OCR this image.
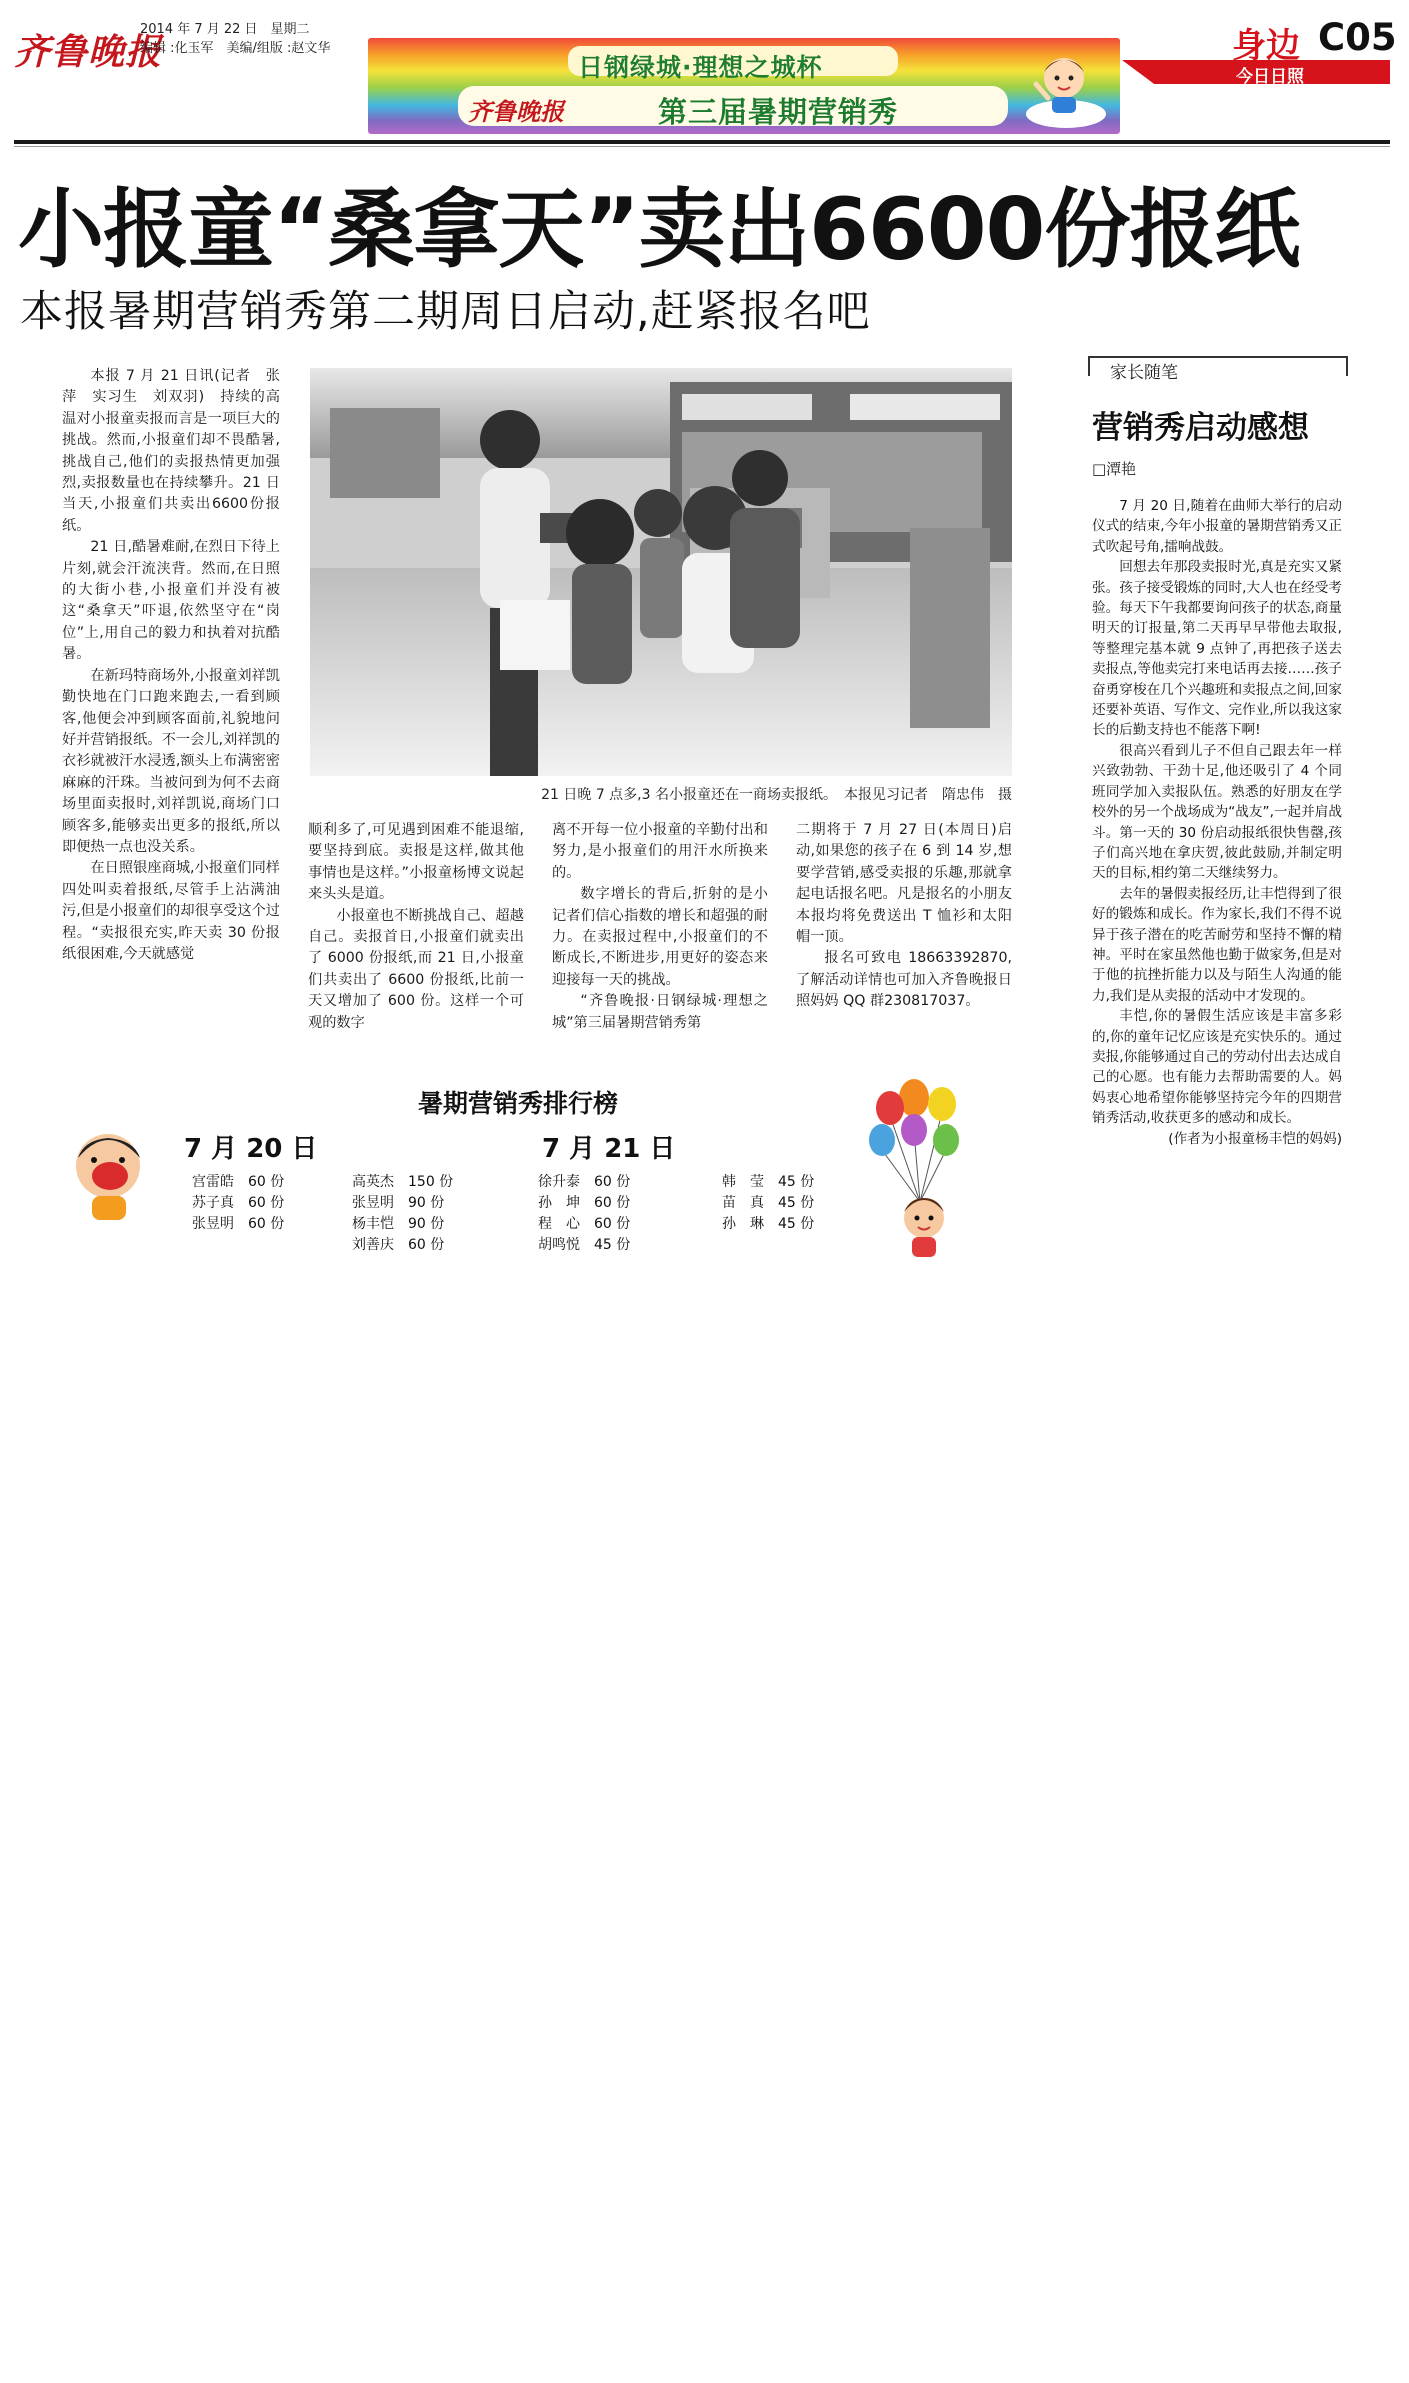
齐鲁晚报
2014 年 7 月 22 日　星期二
编辑 :化玉军　美编/组版 :赵文华
日钢绿城·理想之城杯
齐鲁晚报	第三届暑期营销秀
身边 C05
今日日照
小报童“桑拿天”卖出6600份报纸
本报暑期营销秀第二期周日启动,赶紧报名吧

本报 7 月 21 日讯(记者　张萍　实习生　刘双羽)　持续的高温对小报童卖报而言是一项巨大的挑战。然而,小报童们却不畏酷暑,挑战自己,他们的卖报热情更加强烈,卖报数量也在持续攀升。21 日当天,小报童们共卖出6600份报纸。

21 日,酷暑难耐,在烈日下待上片刻,就会汗流浃背。然而,在日照的大街小巷,小报童们并没有被这“桑拿天”吓退,依然坚守在“岗位”上,用自己的毅力和执着对抗酷暑。

在新玛特商场外,小报童刘祥凯勤快地在门口跑来跑去,一看到顾客,他便会冲到顾客面前,礼貌地问好并营销报纸。不一会儿,刘祥凯的衣衫就被汗水浸透,额头上布满密密麻麻的汗珠。当被问到为何不去商场里面卖报时,刘祥凯说,商场门口顾客多,能够卖出更多的报纸,所以即便热一点也没关系。

在日照银座商城,小报童们同样四处叫卖着报纸,尽管手上沾满油污,但是小报童们的却很享受这个过程。“卖报很充实,昨天卖 30 份报纸很困难,今天就感觉

21 日晚 7 点多,3 名小报童还在一商场卖报纸。　本报见习记者　隋忠伟　摄

顺利多了,可见遇到困难不能退缩,要坚持到底。卖报是这样,做其他事情也是这样。”小报童杨博文说起来头头是道。

小报童也不断挑战自己、超越自己。卖报首日,小报童们就卖出了 6000 份报纸,而 21 日,小报童们共卖出了 6600 份报纸,比前一天又增加了 600 份。这样一个可观的数字

离不开每一位小报童的辛勤付出和努力,是小报童们的用汗水所换来的。

数字增长的背后,折射的是小记者们信心指数的增长和超强的耐力。在卖报过程中,小报童们的不断成长,不断进步,用更好的姿态来迎接每一天的挑战。

“齐鲁晚报·日钢绿城·理想之城”第三届暑期营销秀第

二期将于 7 月 27 日(本周日)启动,如果您的孩子在 6 到 14 岁,想要学营销,感受卖报的乐趣,那就拿起电话报名吧。凡是报名的小朋友本报均将免费送出 T 恤衫和太阳帽一顶。

报名可致电 18663392870,了解活动详情也可加入齐鲁晚报日照妈妈 QQ 群230817037。

家长随笔
营销秀启动感想
□潭艳

7 月 20 日,随着在曲师大举行的启动仪式的结束,今年小报童的暑期营销秀又正式吹起号角,擂响战鼓。

回想去年那段卖报时光,真是充实又紧张。孩子接受锻炼的同时,大人也在经受考验。每天下午我都要询问孩子的状态,商量明天的订报量,第二天再早早带他去取报,等整理完基本就 9 点钟了,再把孩子送去卖报点,等他卖完打来电话再去接……孩子奋勇穿梭在几个兴趣班和卖报点之间,回家还要补英语、写作文、完作业,所以我这家长的后勤支持也不能落下啊!

很高兴看到儿子不但自己跟去年一样兴致勃勃、干劲十足,他还吸引了 4 个同班同学加入卖报队伍。熟悉的好朋友在学校外的另一个战场成为“战友”,一起并肩战斗。第一天的 30 份启动报纸很快售罄,孩子们高兴地在拿庆贺,彼此鼓励,并制定明天的目标,相约第二天继续努力。

去年的暑假卖报经历,让丰恺得到了很好的锻炼和成长。作为家长,我们不得不说异于孩子潜在的吃苦耐劳和坚持不懈的精神。平时在家虽然他也勤于做家务,但是对于他的抗挫折能力以及与陌生人沟通的能力,我们是从卖报的活动中才发现的。

丰恺,你的暑假生活应该是丰富多彩的,你的童年记忆应该是充实快乐的。通过卖报,你能够通过自己的劳动付出去达成自己的心愿。也有能力去帮助需要的人。妈妈衷心地希望你能够坚持完今年的四期营销秀活动,收获更多的感动和成长。

(作者为小报童杨丰恺的妈妈)

暑期营销秀排行榜
7 月 20 日	7 月 21 日
宫雷皓	60 份
苏子真	60 份
张昱明	60 份
高英杰	150 份
张昱明	90 份
杨丰恺	90 份
刘善庆	60 份
徐升泰	60 份
孙　坤	60 份
程　心	60 份
胡鸣悦	45 份
韩　莹	45 份
苗　真	45 份
孙　琳	45 份
